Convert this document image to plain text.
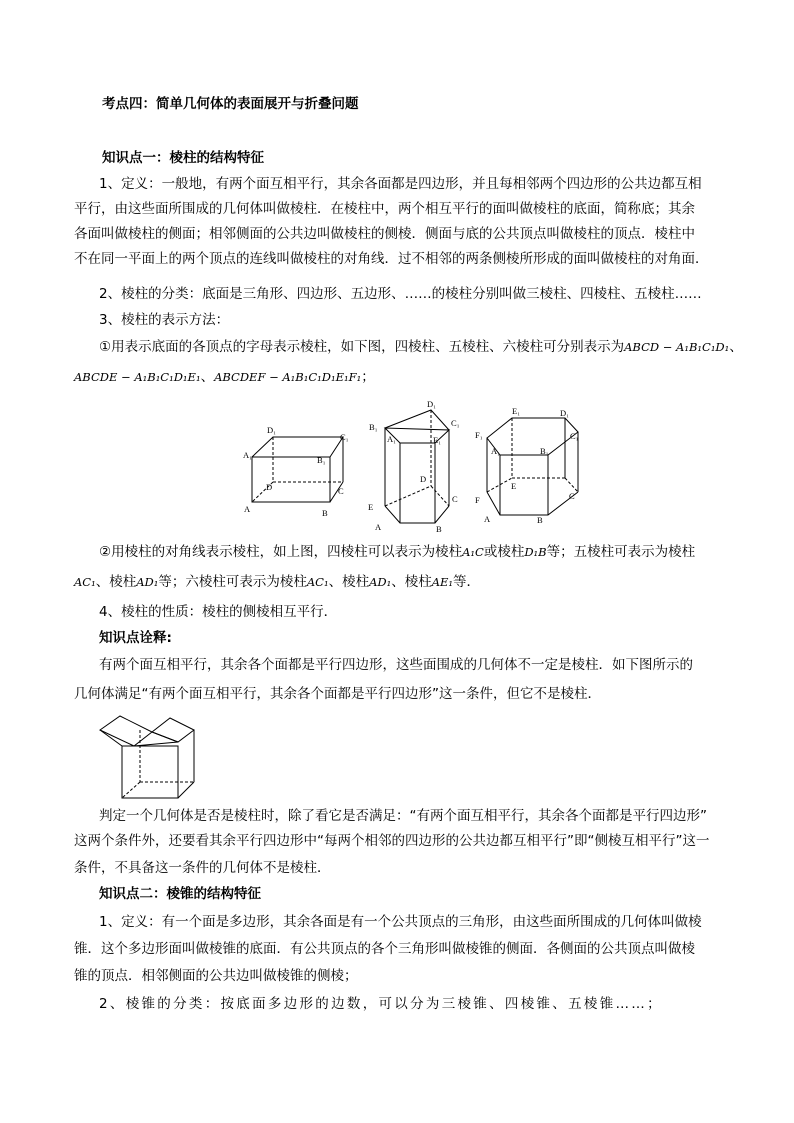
考点四：简单几何体的表面展开与折叠问题
知识点一：棱柱的结构特征
1、定义：一般地，有两个面互相平行，其余各面都是四边形，并且每相邻两个四边形的公共边都互相
平行，由这些面所围成的几何体叫做棱柱．在棱柱中，两个相互平行的面叫做棱柱的底面，简称底；其余
各面叫做棱柱的侧面；相邻侧面的公共边叫做棱柱的侧棱．侧面与底的公共顶点叫做棱柱的顶点．棱柱中
不在同一平面上的两个顶点的连线叫做棱柱的对角线．过不相邻的两条侧棱所形成的面叫做棱柱的对角面．
2、棱柱的分类：底面是三角形、四边形、五边形、……的棱柱分别叫做三棱柱、四棱柱、五棱柱……
3、棱柱的表示方法：
①用表示底面的各顶点的字母表示棱柱，如下图，四棱柱、五棱柱、六棱柱可分别表示为ABCD − A₁B₁C₁D₁、
ABCDE − A₁B₁C₁D₁E₁、ABCDEF − A₁B₁C₁D₁E₁F₁；
D₁
C₁
A₁	B₁
D	C
A	B
D₁
B₁
A₁	E₁
C₁
D
E
C
A	B
E₁	D₁
F₁	C₁
A₁	B₁
E
F	C
A	B
②用棱柱的对角线表示棱柱，如上图，四棱柱可以表示为棱柱A₁C或棱柱D₁B等；五棱柱可表示为棱柱
AC₁、棱柱AD₁等；六棱柱可表示为棱柱AC₁、棱柱AD₁、棱柱AE₁等．
4、棱柱的性质：棱柱的侧棱相互平行．
知识点诠释:
有两个面互相平行，其余各个面都是平行四边形，这些面围成的几何体不一定是棱柱．如下图所示的
几何体满足“有两个面互相平行，其余各个面都是平行四边形”这一条件，但它不是棱柱．
判定一个几何体是否是棱柱时，除了看它是否满足：“有两个面互相平行，其余各个面都是平行四边形”
这两个条件外，还要看其余平行四边形中“每两个相邻的四边形的公共边都互相平行”即“侧棱互相平行”这一
条件，不具备这一条件的几何体不是棱柱．
知识点二：棱锥的结构特征
1、定义：有一个面是多边形，其余各面是有一个公共顶点的三角形，由这些面所围成的几何体叫做棱
锥．这个多边形面叫做棱锥的底面．有公共顶点的各个三角形叫做棱锥的侧面．各侧面的公共顶点叫做棱
锥的顶点．相邻侧面的公共边叫做棱锥的侧棱；
2、棱锥的分类：按底面多边形的边数，可以分为三棱锥、四棱锥、五棱锥……；
